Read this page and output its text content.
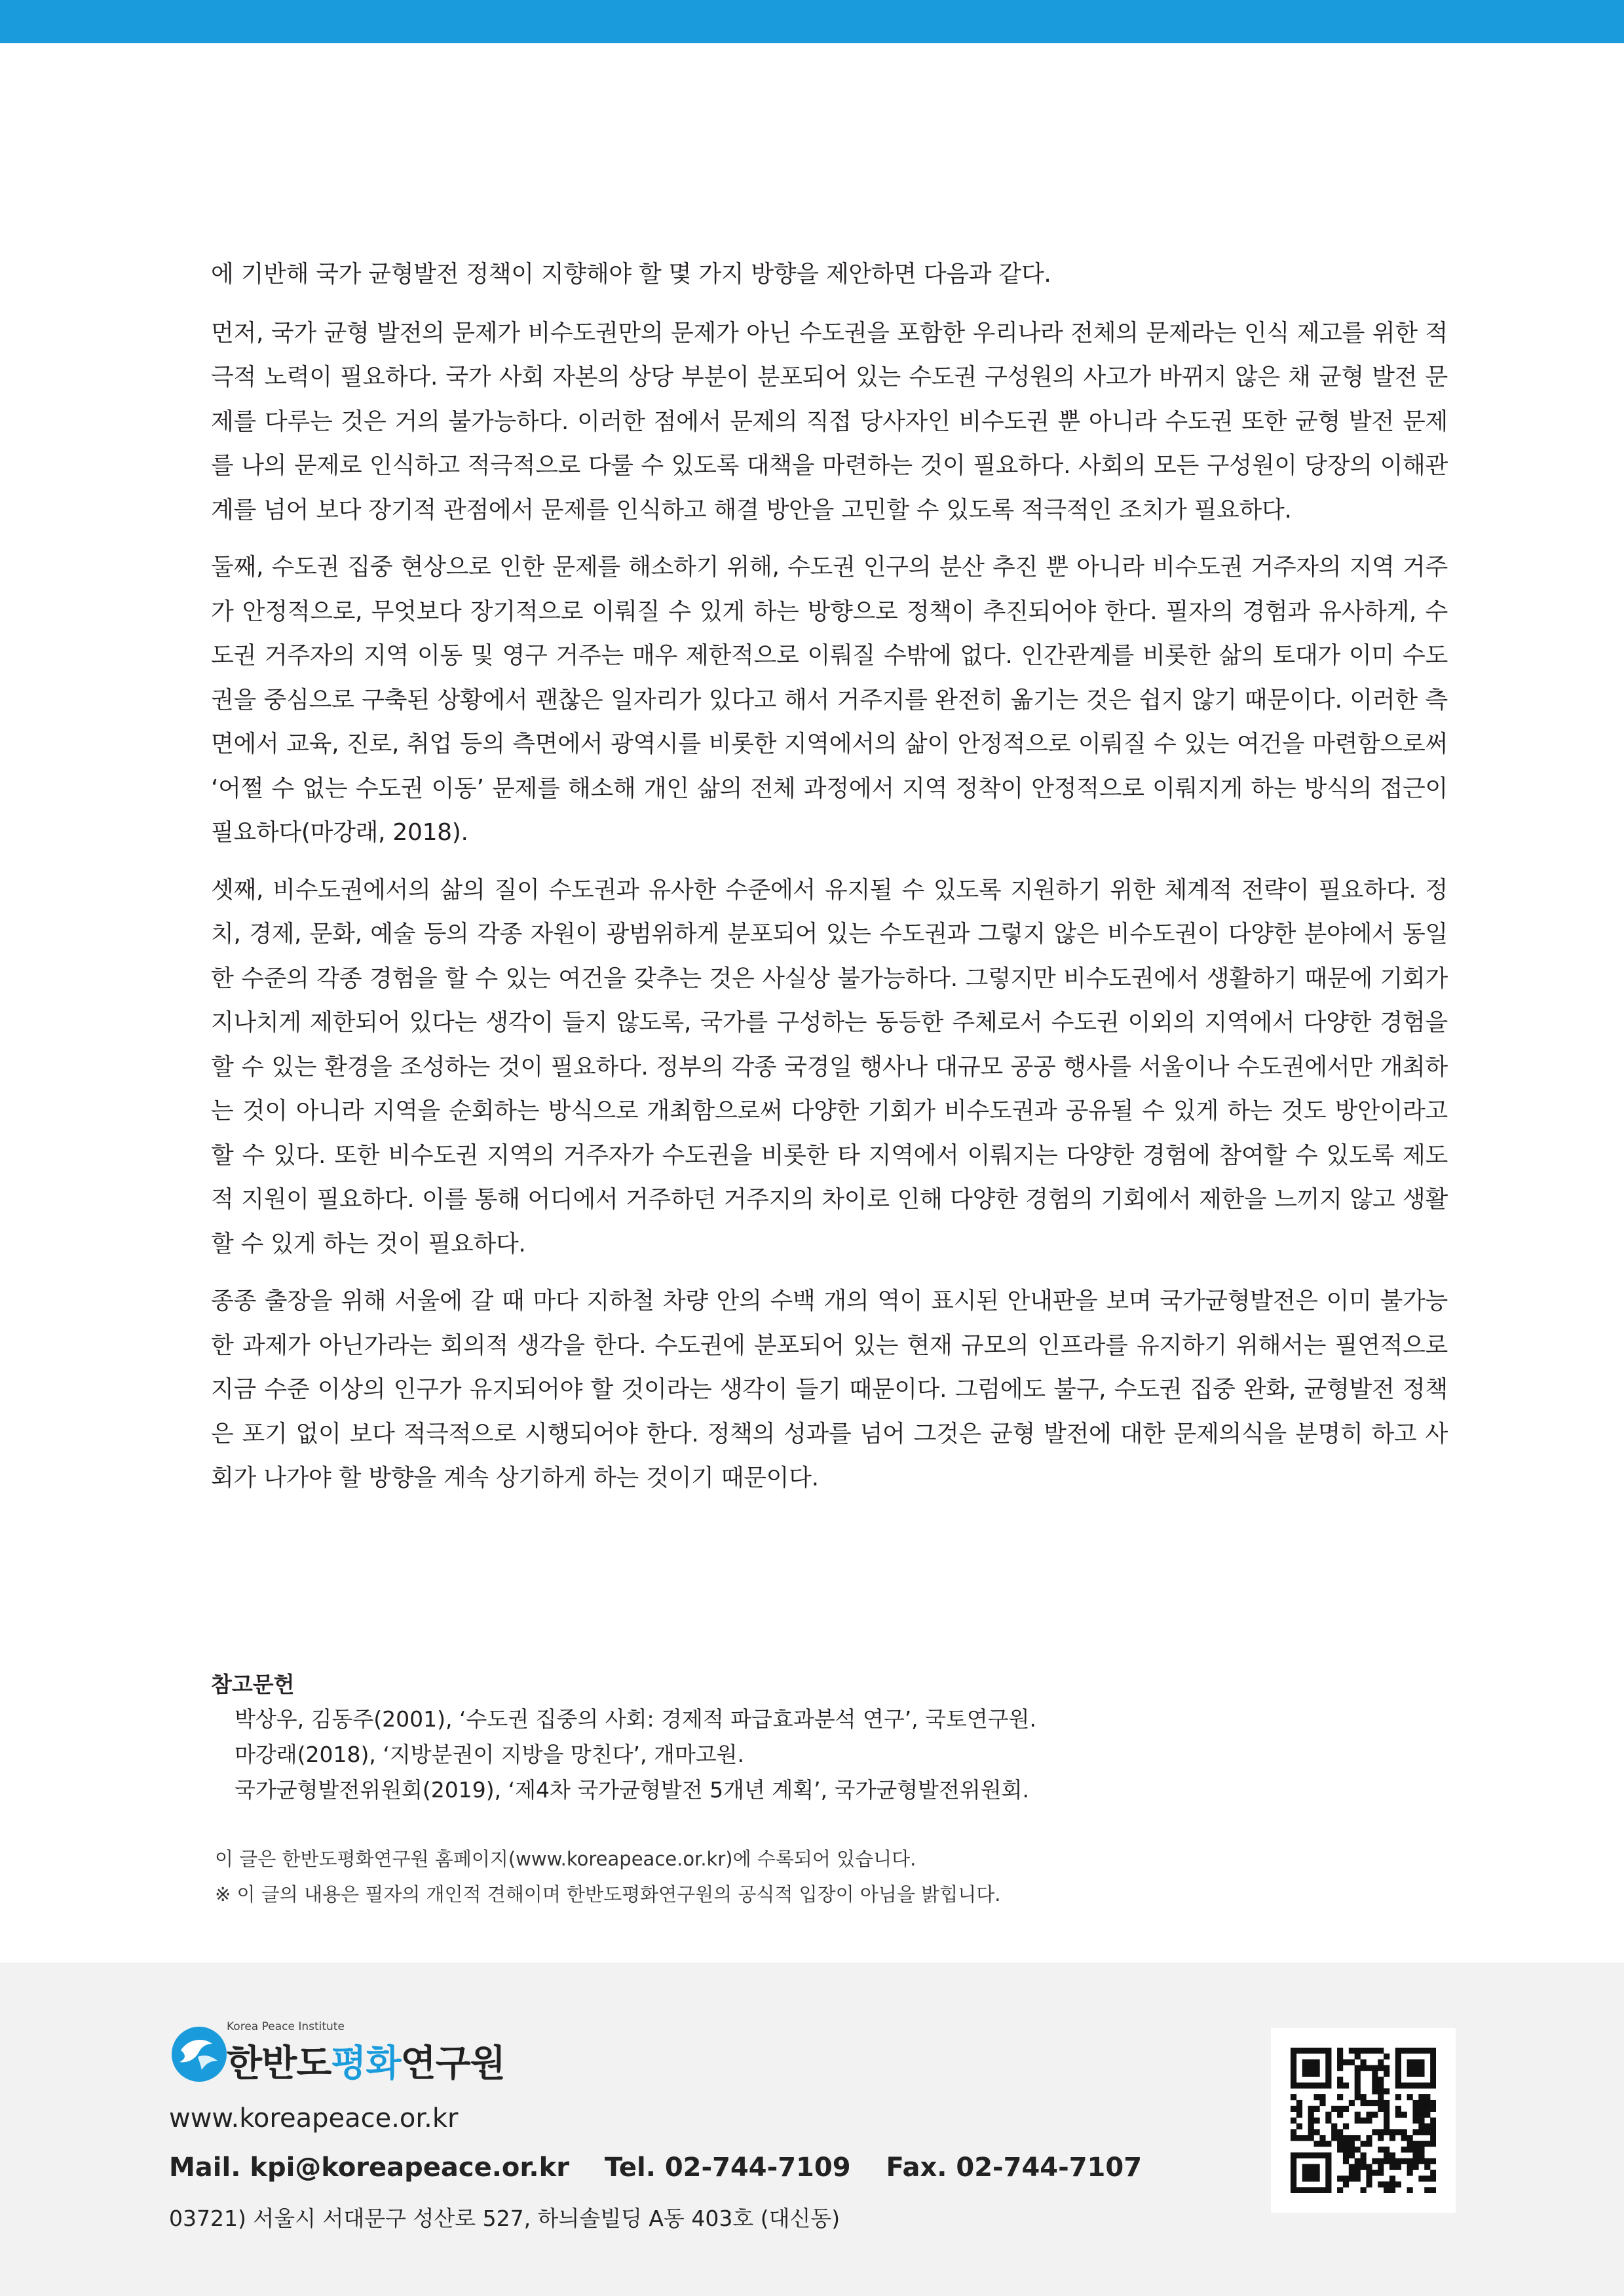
에 기반해 국가 균형발전 정책이 지향해야 할 몇 가지 방향을 제안하면 다음과 같다.

먼저, 국가 균형 발전의 문제가 비수도권만의 문제가 아닌 수도권을 포함한 우리나라 전체의 문제라는 인식 제고를 위한 적극적 노력이 필요하다. 국가 사회 자본의 상당 부분이 분포되어 있는 수도권 구성원의 사고가 바뀌지 않은 채 균형 발전 문제를 다루는 것은 거의 불가능하다. 이러한 점에서 문제의 직접 당사자인 비수도권 뿐 아니라 수도권 또한 균형 발전 문제를 나의 문제로 인식하고 적극적으로 다룰 수 있도록 대책을 마련하는 것이 필요하다. 사회의 모든 구성원이 당장의 이해관계를 넘어 보다 장기적 관점에서 문제를 인식하고 해결 방안을 고민할 수 있도록 적극적인 조치가 필요하다.

둘째, 수도권 집중 현상으로 인한 문제를 해소하기 위해, 수도권 인구의 분산 추진 뿐 아니라 비수도권 거주자의 지역 거주가 안정적으로, 무엇보다 장기적으로 이뤄질 수 있게 하는 방향으로 정책이 추진되어야 한다. 필자의 경험과 유사하게, 수도권 거주자의 지역 이동 및 영구 거주는 매우 제한적으로 이뤄질 수밖에 없다. 인간관계를 비롯한 삶의 토대가 이미 수도권을 중심으로 구축된 상황에서 괜찮은 일자리가 있다고 해서 거주지를 완전히 옮기는 것은 쉽지 않기 때문이다. 이러한 측면에서 교육, 진로, 취업 등의 측면에서 광역시를 비롯한 지역에서의 삶이 안정적으로 이뤄질 수 있는 여건을 마련함으로써 ‘어쩔 수 없는 수도권 이동’ 문제를 해소해 개인 삶의 전체 과정에서 지역 정착이 안정적으로 이뤄지게 하는 방식의 접근이 필요하다(마강래, 2018).

셋째, 비수도권에서의 삶의 질이 수도권과 유사한 수준에서 유지될 수 있도록 지원하기 위한 체계적 전략이 필요하다. 정치, 경제, 문화, 예술 등의 각종 자원이 광범위하게 분포되어 있는 수도권과 그렇지 않은 비수도권이 다양한 분야에서 동일한 수준의 각종 경험을 할 수 있는 여건을 갖추는 것은 사실상 불가능하다. 그렇지만 비수도권에서 생활하기 때문에 기회가 지나치게 제한되어 있다는 생각이 들지 않도록, 국가를 구성하는 동등한 주체로서 수도권 이외의 지역에서 다양한 경험을 할 수 있는 환경을 조성하는 것이 필요하다. 정부의 각종 국경일 행사나 대규모 공공 행사를 서울이나 수도권에서만 개최하는 것이 아니라 지역을 순회하는 방식으로 개최함으로써 다양한 기회가 비수도권과 공유될 수 있게 하는 것도 방안이라고 할 수 있다. 또한 비수도권 지역의 거주자가 수도권을 비롯한 타 지역에서 이뤄지는 다양한 경험에 참여할 수 있도록 제도적 지원이 필요하다. 이를 통해 어디에서 거주하던 거주지의 차이로 인해 다양한 경험의 기회에서 제한을 느끼지 않고 생활할 수 있게 하는 것이 필요하다.

종종 출장을 위해 서울에 갈 때 마다 지하철 차량 안의 수백 개의 역이 표시된 안내판을 보며 국가균형발전은 이미 불가능한 과제가 아닌가라는 회의적 생각을 한다. 수도권에 분포되어 있는 현재 규모의 인프라를 유지하기 위해서는 필연적으로 지금 수준 이상의 인구가 유지되어야 할 것이라는 생각이 들기 때문이다. 그럼에도 불구, 수도권 집중 완화, 균형발전 정책은 포기 없이 보다 적극적으로 시행되어야 한다. 정책의 성과를 넘어 그것은 균형 발전에 대한 문제의식을 분명히 하고 사회가 나가야 할 방향을 계속 상기하게 하는 것이기 때문이다.

참고문헌
박상우, 김동주(2001), ‘수도권 집중의 사회: 경제적 파급효과분석 연구’, 국토연구원.
마강래(2018), ‘지방분권이 지방을 망친다’, 개마고원.
국가균형발전위원회(2019), ‘제4차 국가균형발전 5개년 계획’, 국가균형발전위원회.
이 글은 한반도평화연구원 홈페이지(www.koreapeace.or.kr)에 수록되어 있습니다.
※ 이 글의 내용은 필자의 개인적 견해이며 한반도평화연구원의 공식적 입장이 아님을 밝힙니다.
Korea Peace Institute
한반도평화연구원
www.koreapeace.or.kr
Mail. kpi@koreapeace.or.kr Tel. 02-744-7109 Fax. 02-744-7107
03721) 서울시 서대문구 성산로 527, 하늬솔빌딩 A동 403호 (대신동)
